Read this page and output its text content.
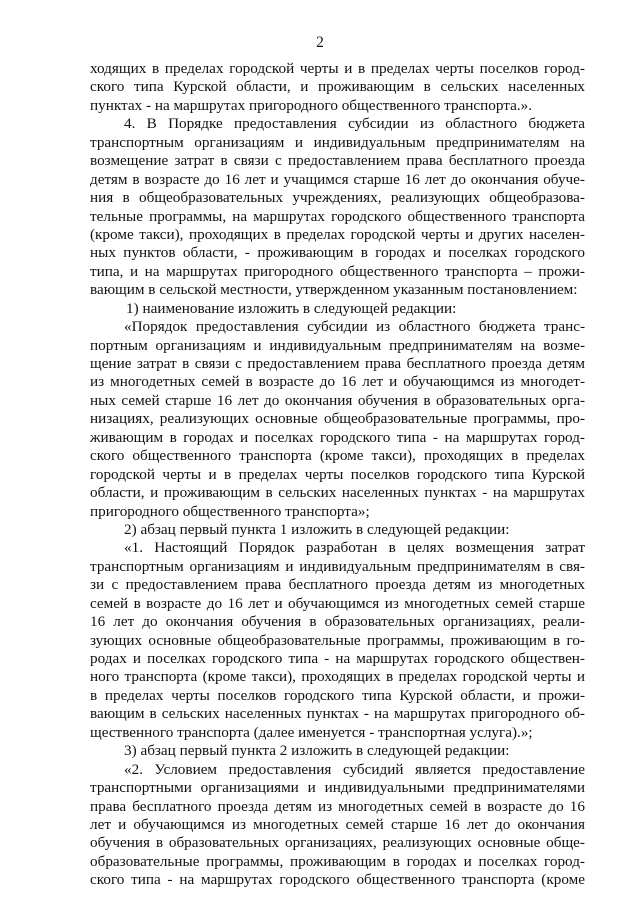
2
ходящих в пределах городской черты и в пределах черты поселков город-
ского типа Курской области, и проживающим в сельских населенных
пунктах - на маршрутах пригородного общественного транспорта.».
4. В Порядке предоставления субсидии из областного бюджета
транспортным организациям и индивидуальным предпринимателям на
возмещение затрат в связи с предоставлением права бесплатного проезда
детям в возрасте до 16 лет и учащимся старше 16 лет до окончания обуче-
ния в общеобразовательных учреждениях, реализующих общеобразова-
тельные программы, на маршрутах городского общественного транспорта
(кроме такси), проходящих в пределах городской черты и других населен-
ных пунктов области, - проживающим в городах и поселках городского
типа, и на маршрутах пригородного общественного транспорта – прожи-
вающим в сельской местности, утвержденном указанным постановлением:
1) наименование изложить в следующей редакции:
«Порядок предоставления субсидии из областного бюджета транс-
портным организациям и индивидуальным предпринимателям на возме-
щение затрат в связи с предоставлением права бесплатного проезда детям
из многодетных семей в возрасте до 16 лет и обучающимся из многодет-
ных семей старше 16 лет до окончания обучения в образовательных орга-
низациях, реализующих основные общеобразовательные программы, про-
живающим в городах и поселках городского типа - на маршрутах город-
ского общественного транспорта (кроме такси), проходящих в пределах
городской черты и в пределах черты поселков городского типа Курской
области, и проживающим в сельских населенных пунктах - на маршрутах
пригородного общественного транспорта»;
2) абзац первый пункта 1 изложить в следующей редакции:
«1. Настоящий Порядок разработан в целях возмещения затрат
транспортным организациям и индивидуальным предпринимателям в свя-
зи с предоставлением права бесплатного проезда детям из многодетных
семей в возрасте до 16 лет и обучающимся из многодетных семей старше
16 лет до окончания обучения в образовательных организациях, реали-
зующих основные общеобразовательные программы, проживающим в го-
родах и поселках городского типа - на маршрутах городского обществен-
ного транспорта (кроме такси), проходящих в пределах городской черты и
в пределах черты поселков городского типа Курской области, и прожи-
вающим в сельских населенных пунктах - на маршрутах пригородного об-
щественного транспорта (далее именуется - транспортная услуга).»;
3) абзац первый пункта 2 изложить в следующей редакции:
«2. Условием предоставления субсидий является предоставление
транспортными организациями и индивидуальными предпринимателями
права бесплатного проезда детям из многодетных семей в возрасте до 16
лет и обучающимся из многодетных семей старше 16 лет до окончания
обучения в образовательных организациях, реализующих основные обще-
образовательные программы, проживающим в городах и поселках город-
ского типа - на маршрутах городского общественного транспорта (кроме
